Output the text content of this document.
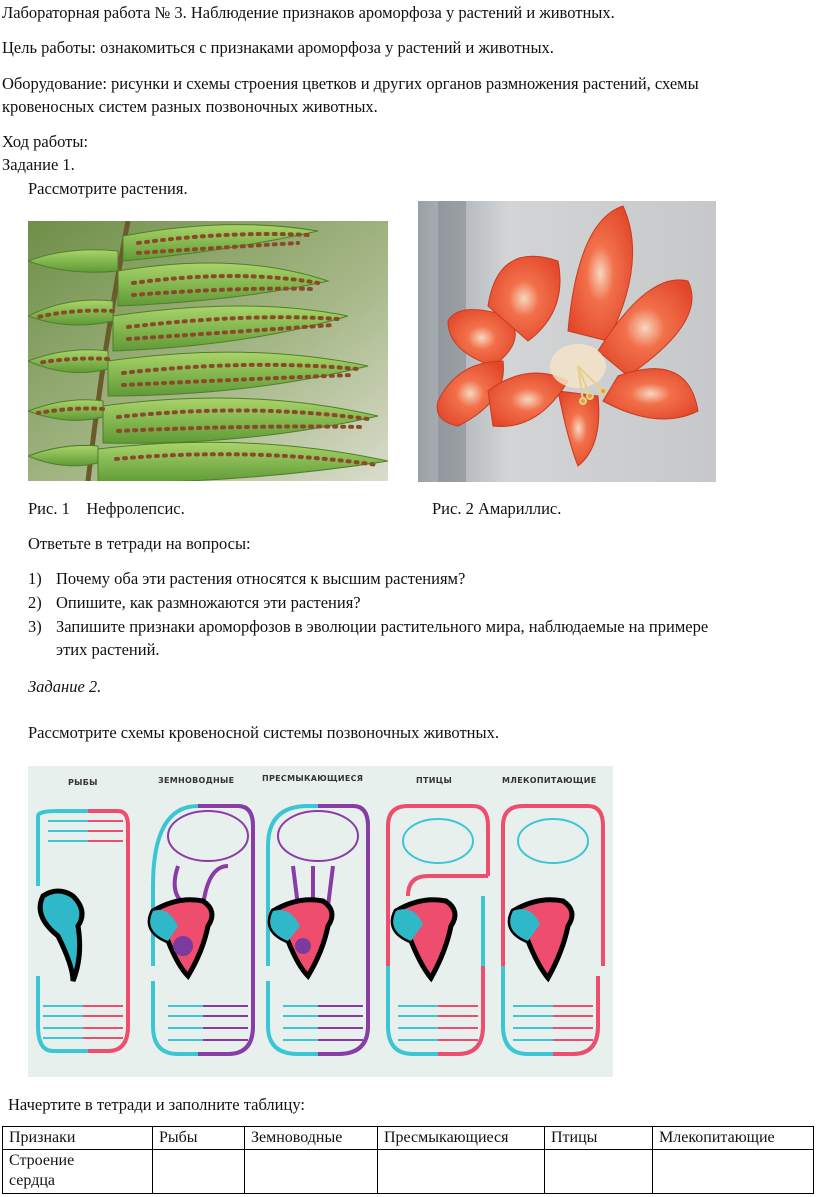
Лабораторная работа № 3. Наблюдение признаков ароморфоза у растений и животных.
Цель работы: ознакомиться с признаками ароморфоза у растений и животных.
Оборудование: рисунки и схемы строения цветков и других органов размножения растений, схемы
кровеносных систем разных позвоночных животных.
Ход работы:
Задание 1.
Рассмотрите растения.
Рис. 1    Нефролепсис.	Рис. 2 Амариллис.
Ответьте в тетради на вопросы:
1) Почему оба эти растения относятся к высшим растениям?
2) Опишите, как размножаются эти растения?
3) Запишите признаки ароморфозов в эволюции растительного мира, наблюдаемые на примере
этих растений.
Задание 2.
Рассмотрите схемы кровеносной системы позвоночных животных.
РЫБЫ	ЗЕМНОВОДНЫЕ	ПРЕСМЫКАЮЩИЕСЯ	ПТИЦЫ	МЛЕКОПИТАЮЩИЕ
Начертите в тетради и заполните таблицу:
Признаки	Рыбы	Земноводные	Пресмыкающиеся	Птицы	Млекопитающие
Строение сердца					
